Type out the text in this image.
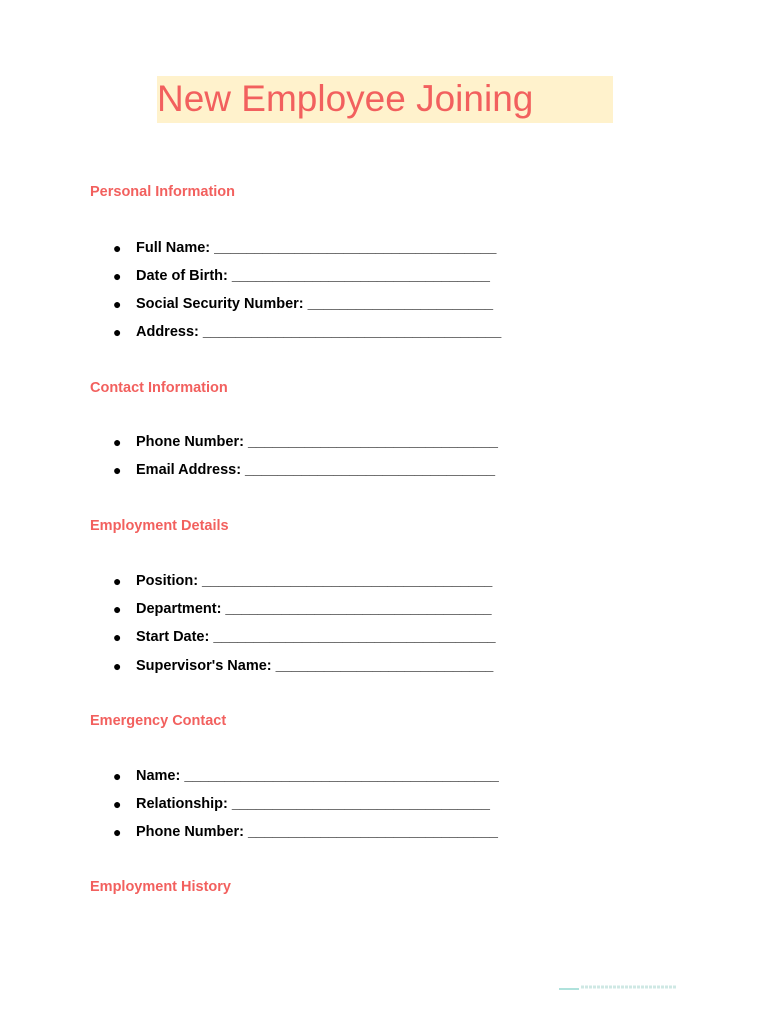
New Employee Joining
Personal Information
● Full Name: ___________________________________
● Date of Birth: ________________________________
● Social Security Number: _______________________
● Address: _____________________________________
Contact Information
● Phone Number: _______________________________
● Email Address: _______________________________
Employment Details
● Position: ____________________________________
● Department: _________________________________
● Start Date: ___________________________________
● Supervisor's Name: ___________________________
Emergency Contact
● Name: _______________________________________
● Relationship: ________________________________
● Phone Number: _______________________________
Employment History
